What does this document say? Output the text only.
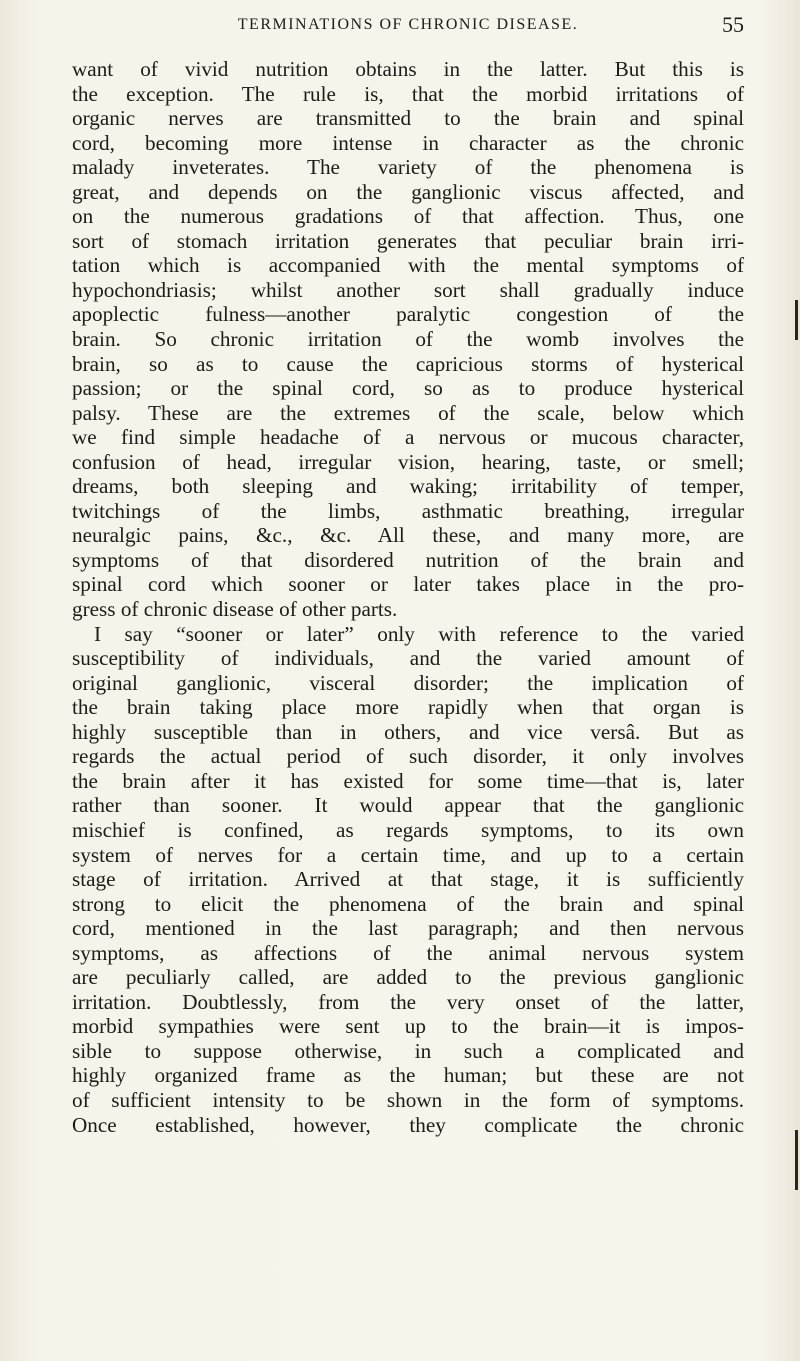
TERMINATIONS OF CHRONIC DISEASE.	55
want of vivid nutrition obtains in the latter. But this is
the exception. The rule is, that the morbid irritations of
organic nerves are transmitted to the brain and spinal
cord, becoming more intense in character as the chronic
malady inveterates. The variety of the phenomena is
great, and depends on the ganglionic viscus affected, and
on the numerous gradations of that affection. Thus, one
sort of stomach irritation generates that peculiar brain irri-
tation which is accompanied with the mental symptoms of
hypochondriasis; whilst another sort shall gradually induce
apoplectic fulness—another paralytic congestion of the
brain. So chronic irritation of the womb involves the
brain, so as to cause the capricious storms of hysterical
passion; or the spinal cord, so as to produce hysterical
palsy. These are the extremes of the scale, below which
we find simple headache of a nervous or mucous character,
confusion of head, irregular vision, hearing, taste, or smell;
dreams, both sleeping and waking; irritability of temper,
twitchings of the limbs, asthmatic breathing, irregular
neuralgic pains, &c., &c. All these, and many more, are
symptoms of that disordered nutrition of the brain and
spinal cord which sooner or later takes place in the pro-
gress of chronic disease of other parts.
I say “sooner or later” only with reference to the varied
susceptibility of individuals, and the varied amount of
original ganglionic, visceral disorder; the implication of
the brain taking place more rapidly when that organ is
highly susceptible than in others, and vice versâ. But as
regards the actual period of such disorder, it only involves
the brain after it has existed for some time—that is, later
rather than sooner. It would appear that the ganglionic
mischief is confined, as regards symptoms, to its own
system of nerves for a certain time, and up to a certain
stage of irritation. Arrived at that stage, it is sufficiently
strong to elicit the phenomena of the brain and spinal
cord, mentioned in the last paragraph; and then nervous
symptoms, as affections of the animal nervous system
are peculiarly called, are added to the previous ganglionic
irritation. Doubtlessly, from the very onset of the latter,
morbid sympathies were sent up to the brain—it is impos-
sible to suppose otherwise, in such a complicated and
highly organized frame as the human; but these are not
of sufficient intensity to be shown in the form of symptoms.
Once established, however, they complicate the chronic
